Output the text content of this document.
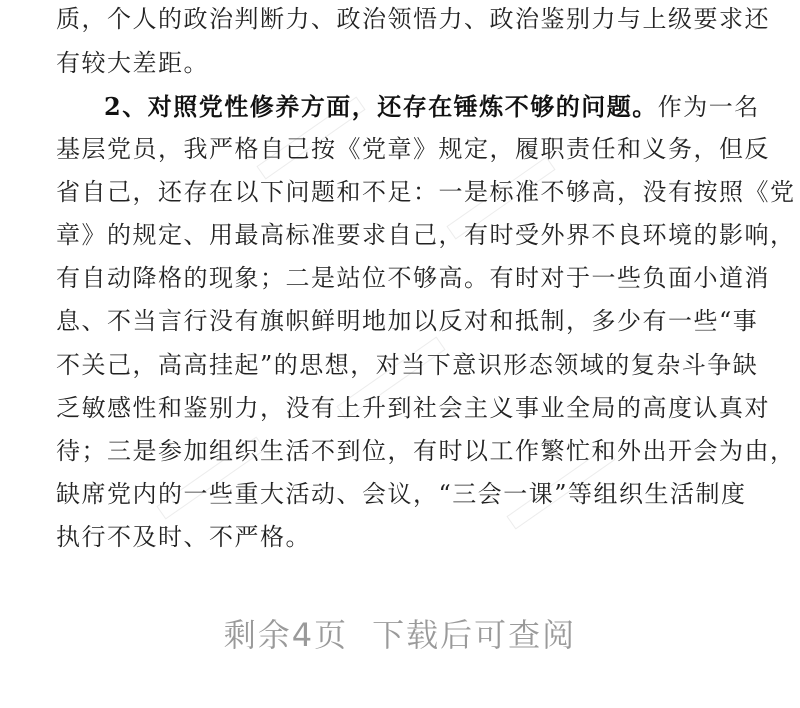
质，个人的政治判断力、政治领悟力、政治鉴别力与上级要求还
有较大差距。
2、对照党性修养方面，还存在锤炼不够的问题。作为一名
基层党员，我严格自己按《党章》规定，履职责任和义务，但反
省自己，还存在以下问题和不足：一是标准不够高，没有按照《党
章》的规定、用最高标准要求自己，有时受外界不良环境的影响，
有自动降格的现象；二是站位不够高。有时对于一些负面小道消
息、不当言行没有旗帜鲜明地加以反对和抵制，多少有一些“事
不关己，高高挂起”的思想，对当下意识形态领域的复杂斗争缺
乏敏感性和鉴别力，没有上升到社会主义事业全局的高度认真对
待；三是参加组织生活不到位，有时以工作繁忙和外出开会为由，
缺席党内的一些重大活动、会议，“三会一课”等组织生活制度
执行不及时、不严格。
剩余4页 下载后可查阅
